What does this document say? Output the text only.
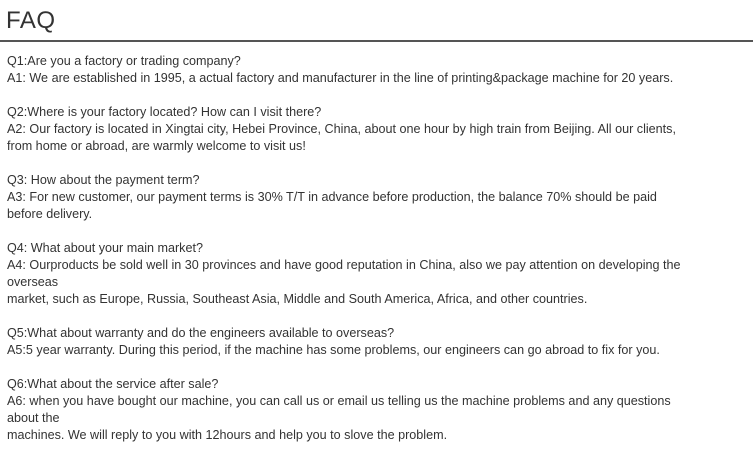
FAQ

Q1:Are you a factory or trading company?

A1: We are established in 1995, a actual factory and manufacturer in the line of printing&package machine for 20 years.

Q2:Where is your factory located? How can I visit there?

A2: Our factory is located in Xingtai city, Hebei Province, China, about one hour by high train from Beijing. All our clients,
from home or abroad, are warmly welcome to visit us!

Q3: How about the payment term?

A3: For new customer, our payment terms is 30% T/T in advance before production, the balance 70% should be paid
before delivery.

Q4: What about your main market?

A4: Ourproducts be sold well in 30 provinces and have good reputation in China, also we pay attention on developing the
overseas
market, such as Europe, Russia, Southeast Asia, Middle and South America, Africa, and other countries.

Q5:What about warranty and do the engineers available to overseas?

A5:5 year warranty. During this period, if the machine has some problems, our engineers can go abroad to fix for you.

Q6:What about the service after sale?

A6: when you have bought our machine, you can call us or email us telling us the machine problems and any questions
about the
machines. We will reply to you with 12hours and help you to slove the problem.
